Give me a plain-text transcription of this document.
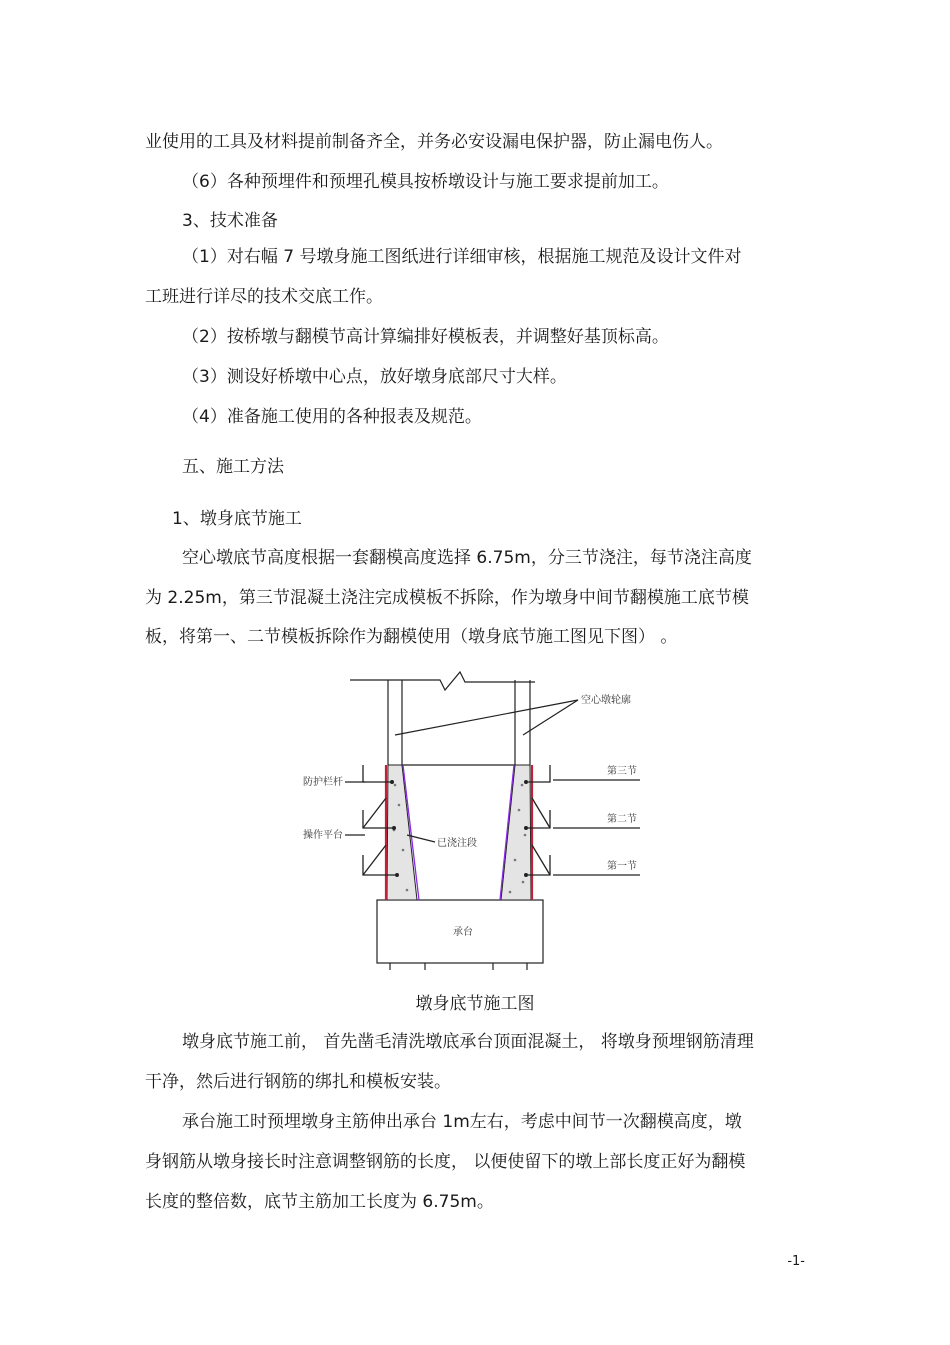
业使用的工具及材料提前制备齐全，并务必安设漏电保护器，防止漏电伤人。
（6）各种预埋件和预埋孔模具按桥墩设计与施工要求提前加工。
3、技术准备
（1）对右幅 7 号墩身施工图纸进行详细审核，根据施工规范及设计文件对
工班进行详尽的技术交底工作。
（2）按桥墩与翻模节高计算编排好模板表，并调整好基顶标高。
（3）测设好桥墩中心点，放好墩身底部尺寸大样。
（4）准备施工使用的各种报表及规范。
五、施工方法
1、墩身底节施工
空心墩底节高度根据一套翻模高度选择 6.75m，分三节浇注，每节浇注高度
为 2.25m，第三节混凝土浇注完成模板不拆除，作为墩身中间节翻模施工底节模
板，将第一、二节模板拆除作为翻模使用（墩身底节施工图见下图） 。
空心墩轮廓
防护栏杆
操作平台
已浇注段
第三节
第二节
第一节
承台
墩身底节施工图
墩身底节施工前， 首先凿毛清洗墩底承台顶面混凝土， 将墩身预埋钢筋清理
干净，然后进行钢筋的绑扎和模板安装。
承台施工时预埋墩身主筋伸出承台 1m左右，考虑中间节一次翻模高度，墩
身钢筋从墩身接长时注意调整钢筋的长度， 以便使留下的墩上部长度正好为翻模
长度的整倍数，底节主筋加工长度为 6.75m。
-1-
